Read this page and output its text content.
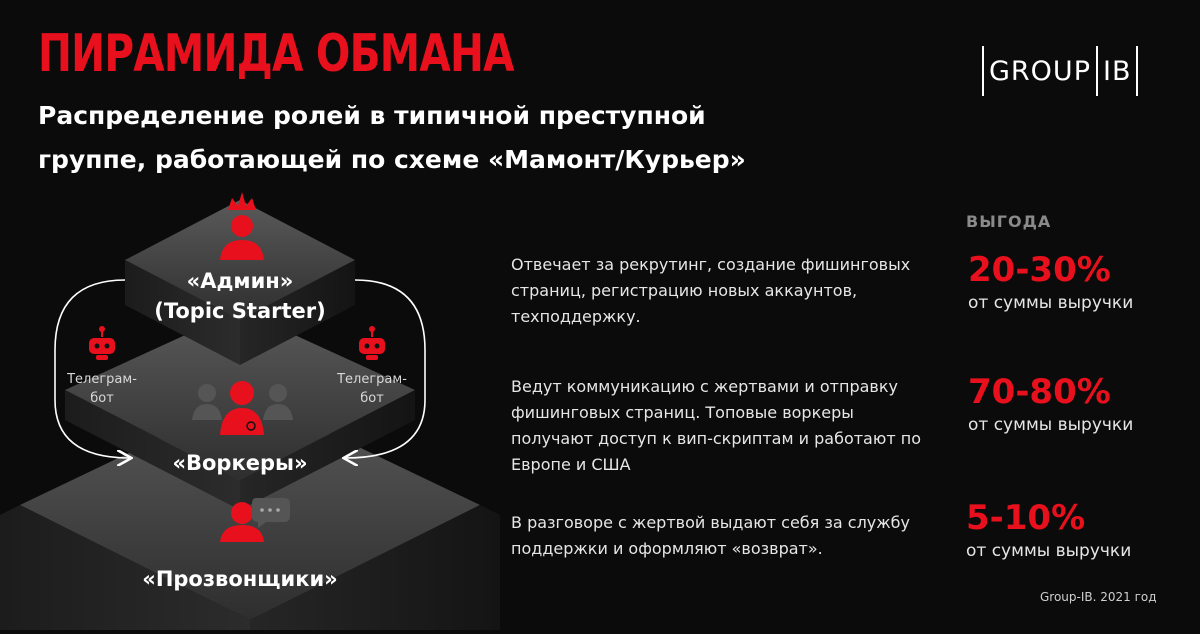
ПИРАМИДА ОБМАНА
Распределение ролей в типичной преступной
группе, работающей по схеме «Мамонт/Курьер»
GROUP IB
«Админ»
(Topic Starter)
«Воркеры»
«Прозвонщики»
Телеграм-
бот
Телеграм-
бот

Отвечает за рекрутинг, создание фишинговых страниц, регистрацию новых аккаунтов, техподдержку.

Ведут коммуникацию с жертвами и отправку фишинговых страниц. Топовые воркеры получают доступ к вип-скриптам и работают по Европе и США

В разговоре с жертвой выдают себя за службу поддержки и оформляют «возврат».

ВЫГОДА
20-30%
от суммы выручки
70-80%
от суммы выручки
5-10%
от суммы выручки
Group-IB. 2021 год
